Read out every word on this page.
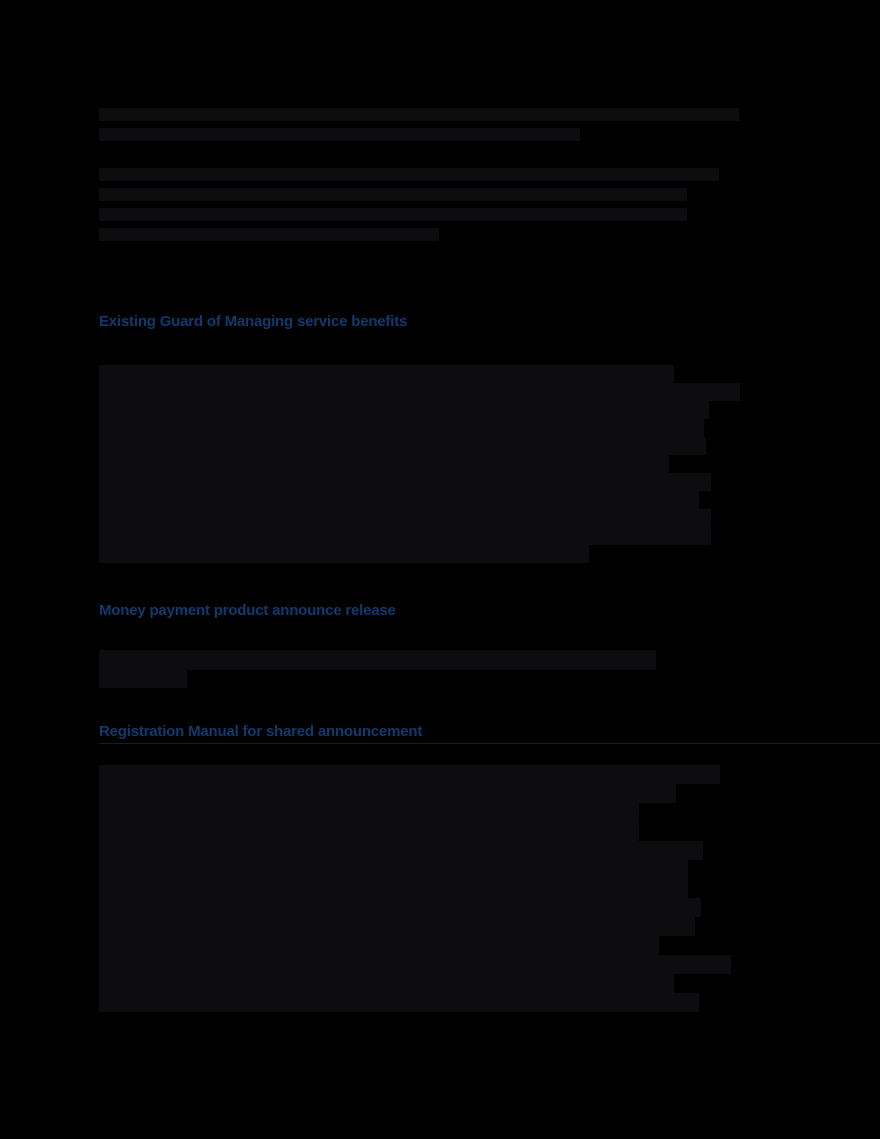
Existing Guard of Managing service benefits
Money payment product announce release
Registration Manual for shared announcement
